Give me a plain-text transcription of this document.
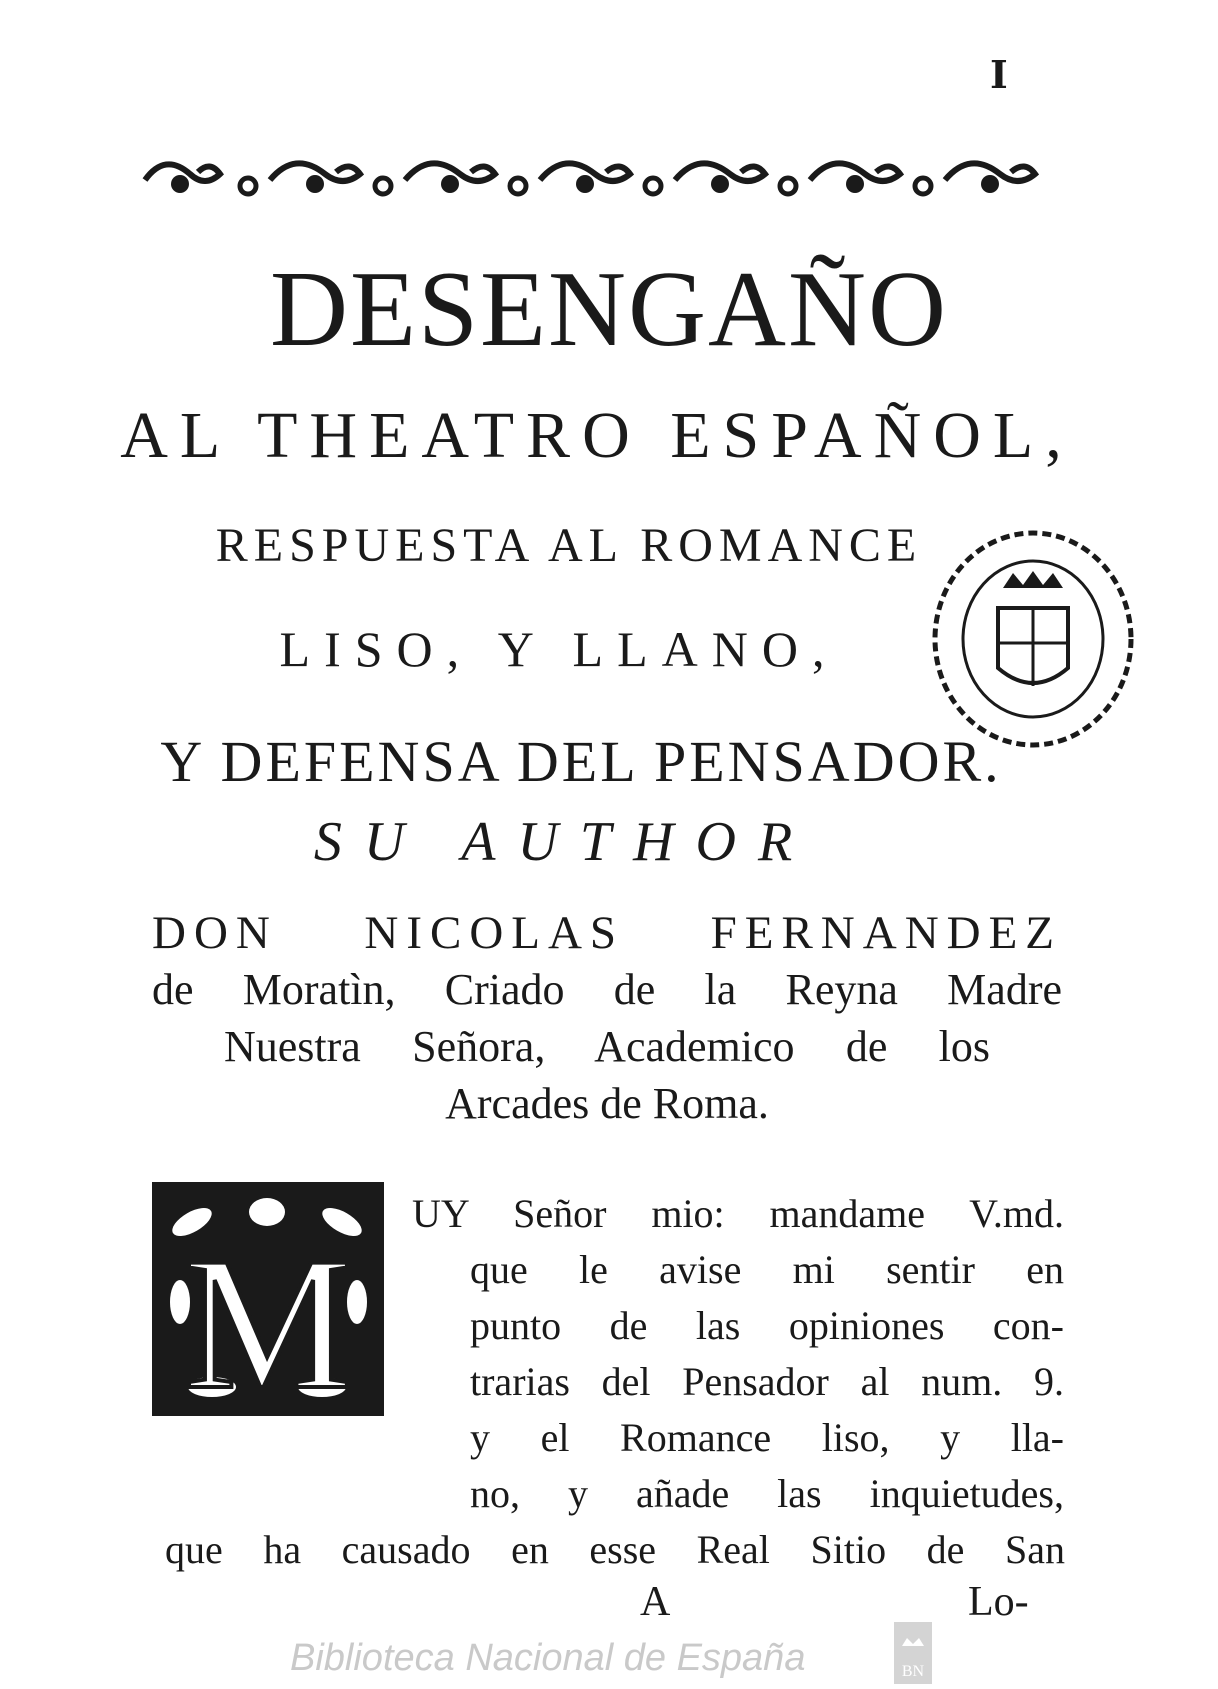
I
DESENGAÑO
AL THEATRO ESPAÑOL,
RESPUESTA AL ROMANCE
LISO, Y LLANO,
Y DEFENSA DEL PENSADOR.
SU AUTHOR
DON NICOLAS FERNANDEZ
de Moratìn, Criado de la Reyna Madre
Nuestra Señora, Academico de los
Arcades de Roma.
M
UY Señor mio: mandame V.md.
que le avise mi sentir en
punto de las opiniones con-
trarias del Pensador al num. 9.
y el Romance liso, y lla-
no, y añade las inquietudes,
que ha causado en esse Real Sitio de San
A	Lo-
Biblioteca Nacional de España	BN
